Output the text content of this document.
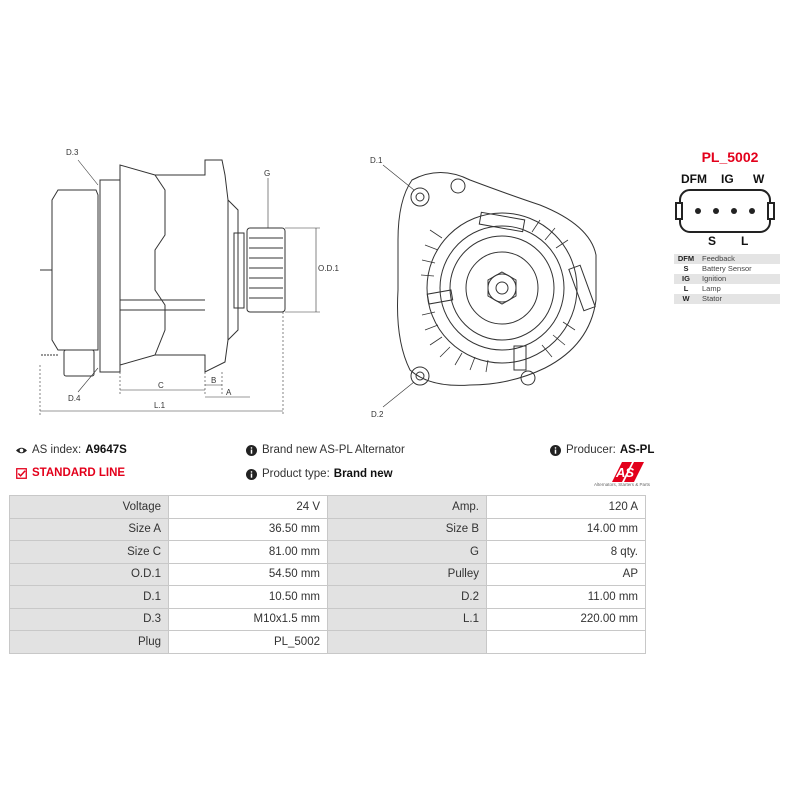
D.3
D.4
G
O.D.1
C
B
A
L.1
D.1
D.2
PL_5002
DFM IG W
S L
DFM	Feedback
S	Battery Sensor
IG	Ignition
L	Lamp
W	Stator
AS index: A9647S	Brand new AS-PL Alternator	Producer: AS-PL
STANDARD LINE	Product type: Brand new	AS
Alternators, Starters & Parts
Voltage	24 V	Amp.	120 A
Size A	36.50 mm	Size B	14.00 mm
Size C	81.00 mm	G	8 qty.
O.D.1	54.50 mm	Pulley	AP
D.1	10.50 mm	D.2	11.00 mm
D.3	M10x1.5 mm	L.1	220.00 mm
Plug	PL_5002		
